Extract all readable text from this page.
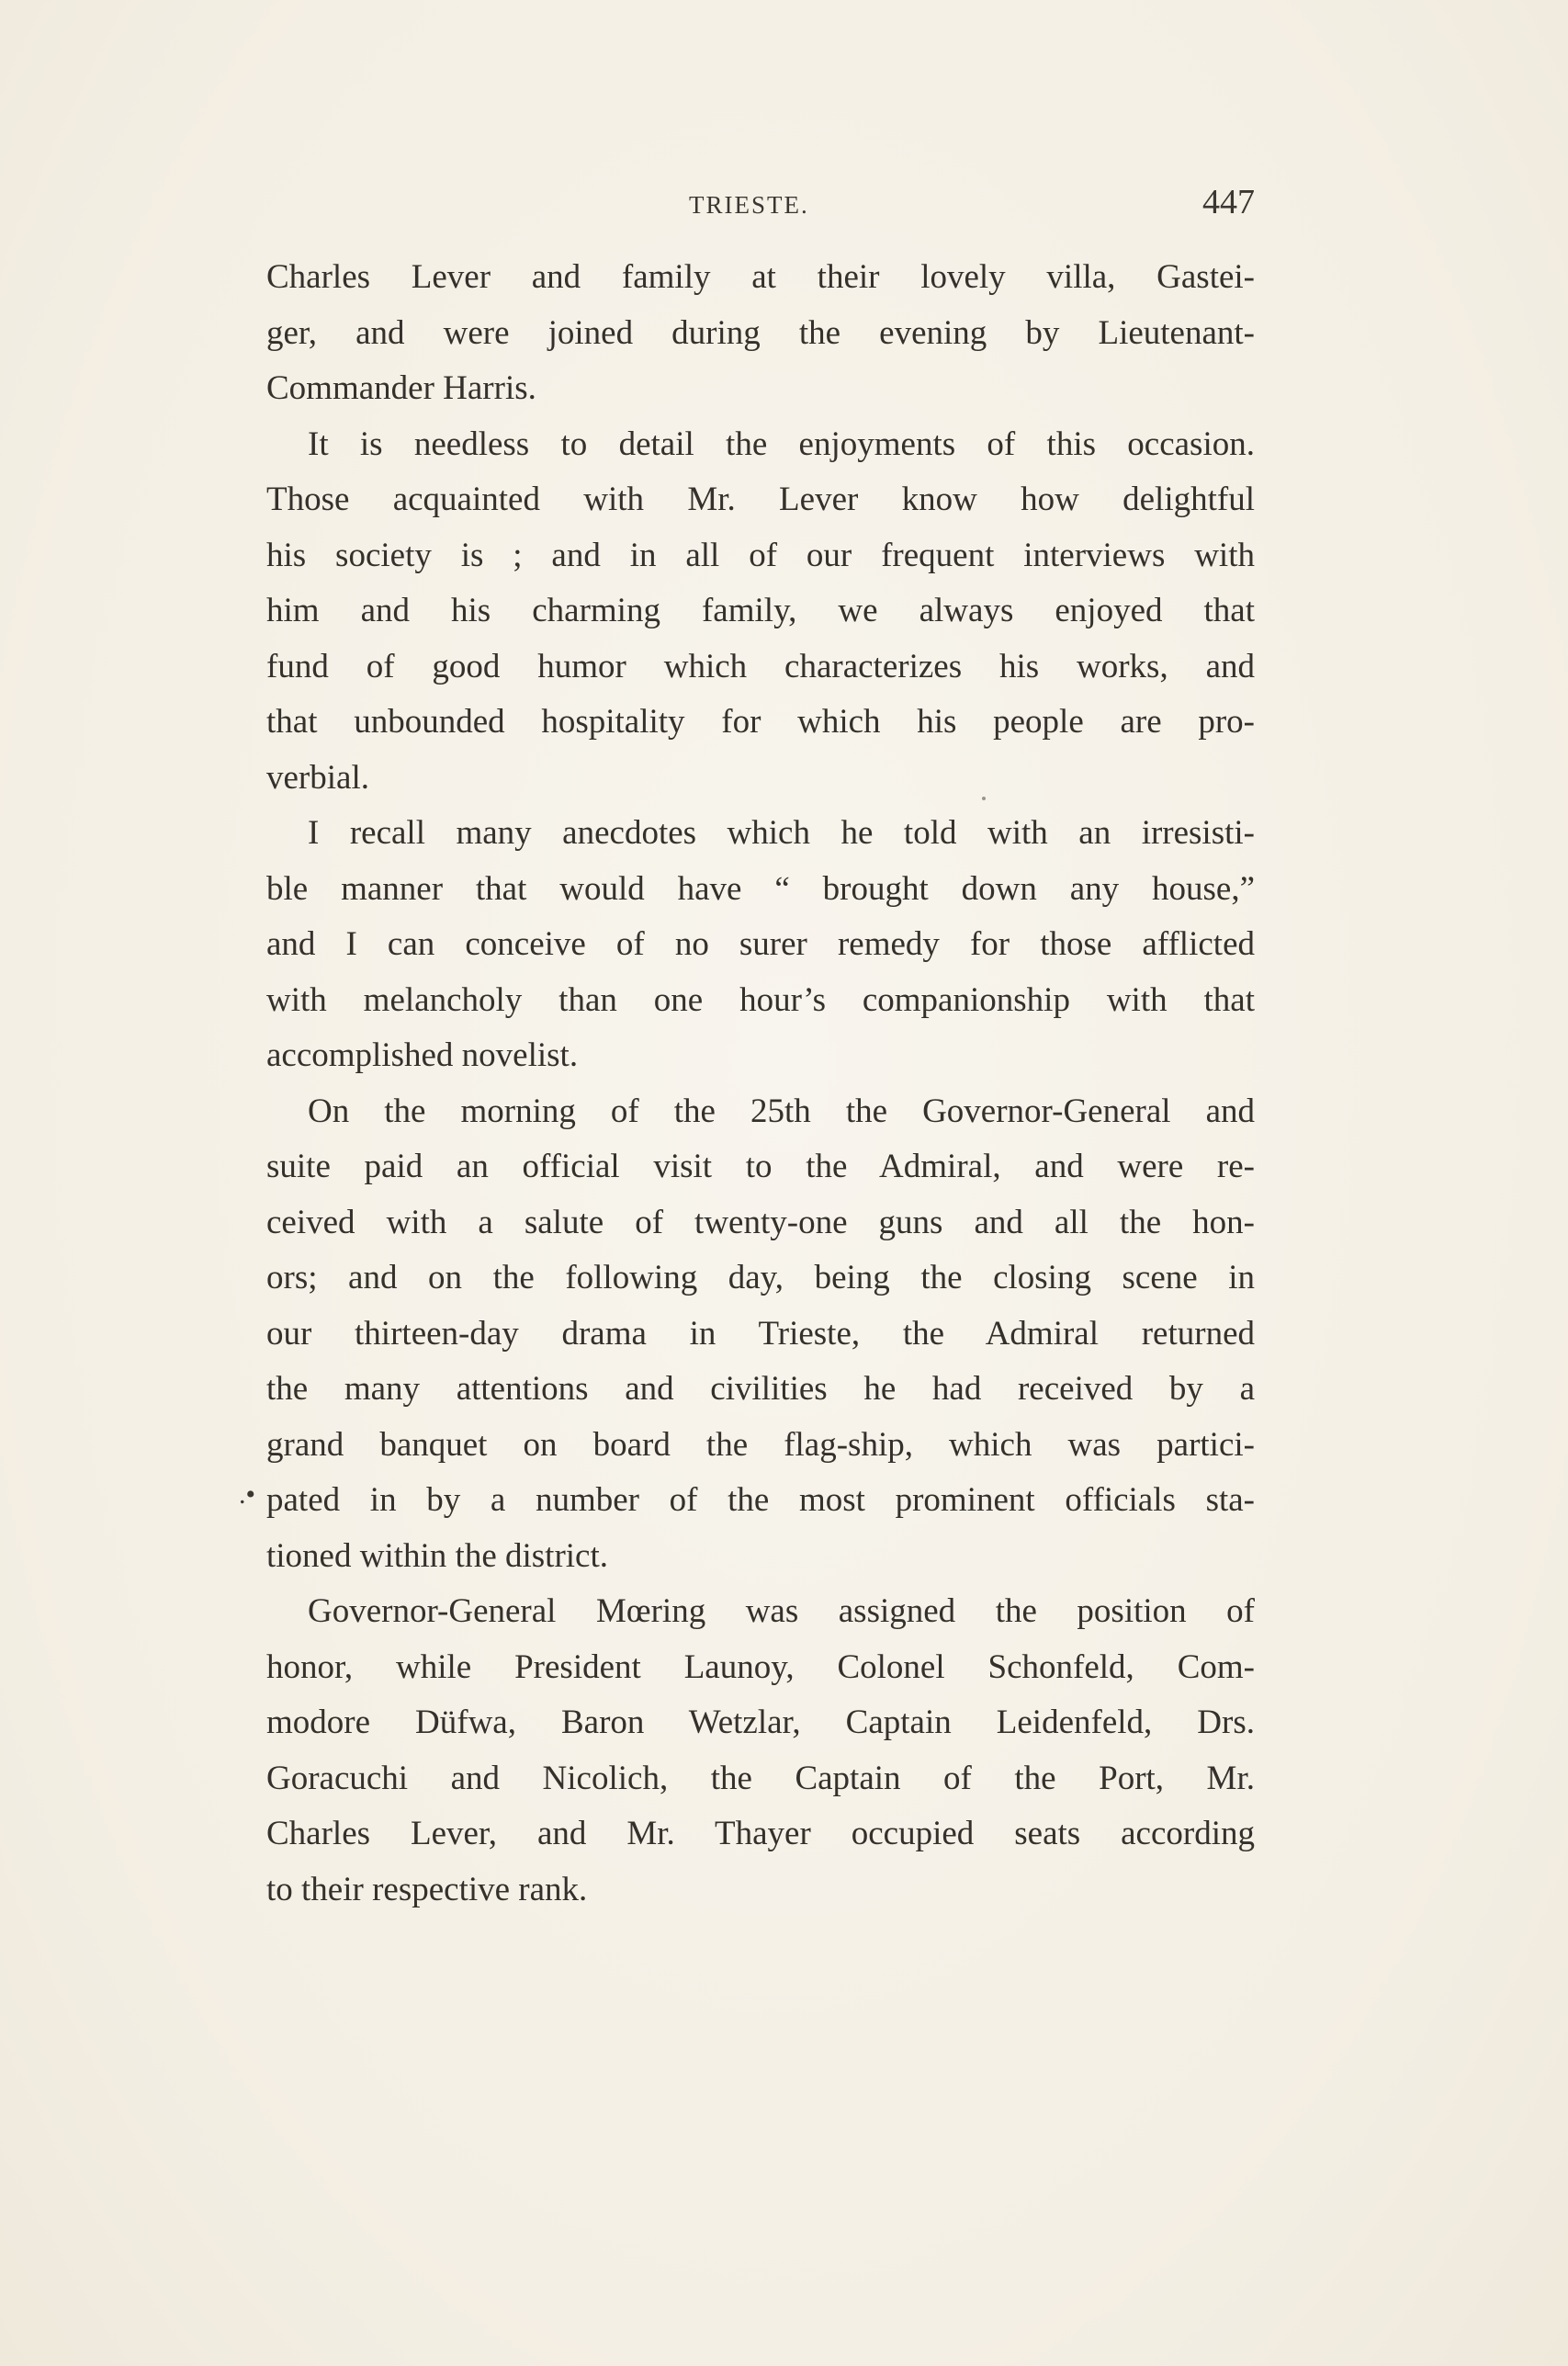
TRIESTE.	447
Charles Lever and family at their lovely villa, Gastei-
ger, and were joined during the evening by Lieutenant-
Commander Harris.
It is needless to detail the enjoyments of this occasion.
Those acquainted with Mr. Lever know how delightful
his society is ; and in all of our frequent interviews with
him and his charming family, we always enjoyed that
fund of good humor which characterizes his works, and
that unbounded hospitality for which his people are pro-
verbial.
I recall many anecdotes which he told with an irresisti-
ble manner that would have “ brought down any house,”
and I can conceive of no surer remedy for those afflicted
with melancholy than one hour’s companionship with that
accomplished novelist.
On the morning of the 25th the Governor-General and
suite paid an official visit to the Admiral, and were re-
ceived with a salute of twenty-one guns and all the hon-
ors; and on the following day, being the closing scene in
our thirteen-day drama in Trieste, the Admiral returned
the many attentions and civilities he had received by a
grand banquet on board the flag-ship, which was partici-
pated in by a number of the most prominent officials sta-
tioned within the district.
Governor-General Mœring was assigned the position of
honor, while President Launoy, Colonel Schonfeld, Com-
modore Düfwa, Baron Wetzlar, Captain Leidenfeld, Drs.
Goracuchi and Nicolich, the Captain of the Port, Mr.
Charles Lever, and Mr. Thayer occupied seats according
to their respective rank.
.•
